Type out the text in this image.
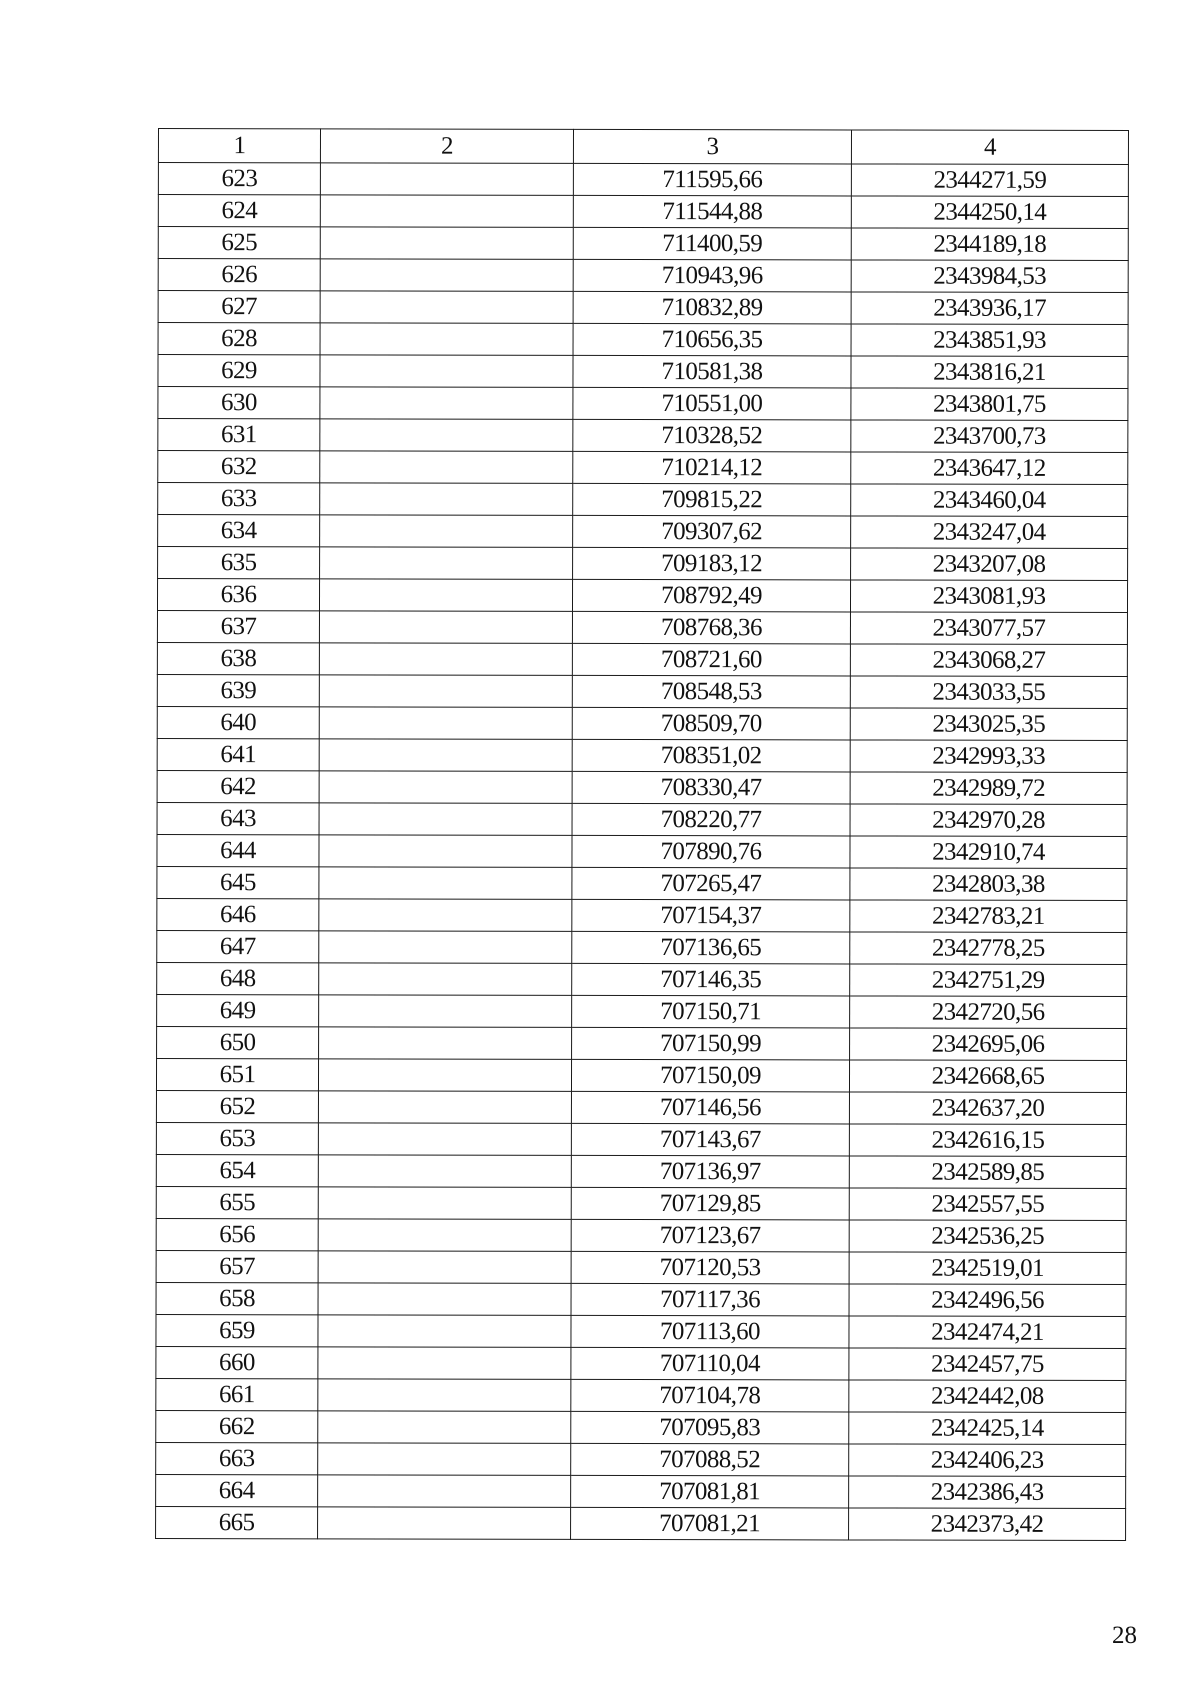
1	2	3	4
623		711595,66	2344271,59
624		711544,88	2344250,14
625		711400,59	2344189,18
626		710943,96	2343984,53
627		710832,89	2343936,17
628		710656,35	2343851,93
629		710581,38	2343816,21
630		710551,00	2343801,75
631		710328,52	2343700,73
632		710214,12	2343647,12
633		709815,22	2343460,04
634		709307,62	2343247,04
635		709183,12	2343207,08
636		708792,49	2343081,93
637		708768,36	2343077,57
638		708721,60	2343068,27
639		708548,53	2343033,55
640		708509,70	2343025,35
641		708351,02	2342993,33
642		708330,47	2342989,72
643		708220,77	2342970,28
644		707890,76	2342910,74
645		707265,47	2342803,38
646		707154,37	2342783,21
647		707136,65	2342778,25
648		707146,35	2342751,29
649		707150,71	2342720,56
650		707150,99	2342695,06
651		707150,09	2342668,65
652		707146,56	2342637,20
653		707143,67	2342616,15
654		707136,97	2342589,85
655		707129,85	2342557,55
656		707123,67	2342536,25
657		707120,53	2342519,01
658		707117,36	2342496,56
659		707113,60	2342474,21
660		707110,04	2342457,75
661		707104,78	2342442,08
662		707095,83	2342425,14
663		707088,52	2342406,23
664		707081,81	2342386,43
665		707081,21	2342373,42
28
